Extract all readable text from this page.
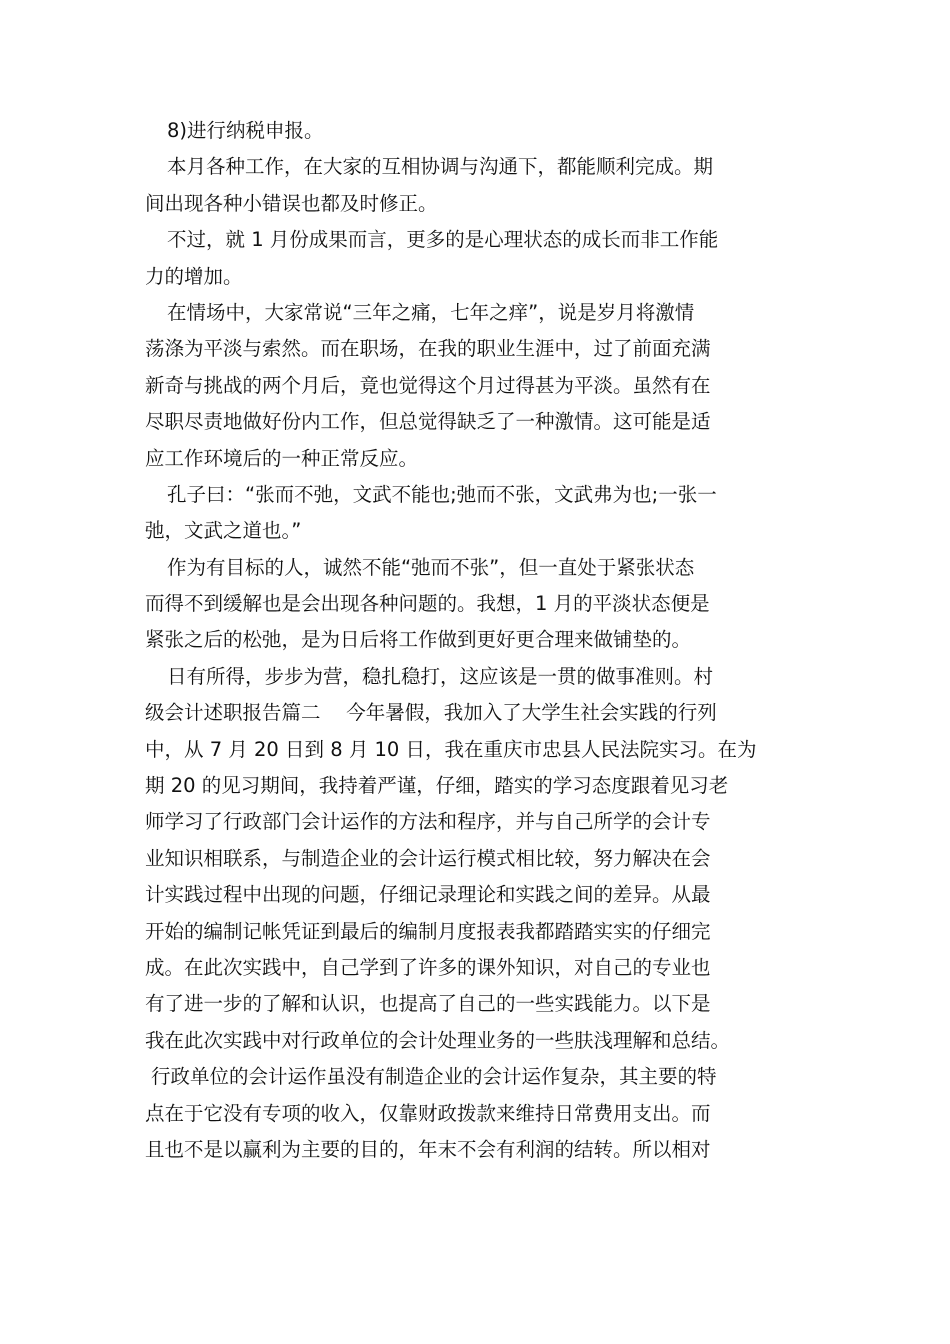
8)进行纳税申报。
本月各种工作，在大家的互相协调与沟通下，都能顺利完成。期
间出现各种小错误也都及时修正。
不过，就 1 月份成果而言，更多的是心理状态的成长而非工作能
力的增加。
在情场中，大家常说“三年之痛，七年之痒”，说是岁月将激情
荡涤为平淡与索然。而在职场，在我的职业生涯中，过了前面充满
新奇与挑战的两个月后，竟也觉得这个月过得甚为平淡。虽然有在
尽职尽责地做好份内工作，但总觉得缺乏了一种激情。这可能是适
应工作环境后的一种正常反应。
孔子曰：“张而不弛，文武不能也;弛而不张，文武弗为也;一张一
弛，文武之道也。”
作为有目标的人，诚然不能“弛而不张”，但一直处于紧张状态
而得不到缓解也是会出现各种问题的。我想，1 月的平淡状态便是
紧张之后的松弛，是为日后将工作做到更好更合理来做铺垫的。
日有所得，步步为营，稳扎稳打，这应该是一贯的做事准则。村
级会计述职报告篇二　 今年暑假，我加入了大学生社会实践的行列
中，从 7 月 20 日到 8 月 10 日，我在重庆市忠县人民法院实习。在为
期 20 的见习期间，我持着严谨，仔细，踏实的学习态度跟着见习老
师学习了行政部门会计运作的方法和程序，并与自己所学的会计专
业知识相联系，与制造企业的会计运行模式相比较，努力解决在会
计实践过程中出现的问题，仔细记录理论和实践之间的差异。从最
开始的编制记帐凭证到最后的编制月度报表我都踏踏实实的仔细完
成。在此次实践中，自己学到了许多的课外知识，对自己的专业也
有了进一步的了解和认识，也提高了自己的一些实践能力。以下是
我在此次实践中对行政单位的会计处理业务的一些肤浅理解和总结。
行政单位的会计运作虽没有制造企业的会计运作复杂，其主要的特
点在于它没有专项的收入，仅靠财政拨款来维持日常费用支出。而
且也不是以赢利为主要的目的，年末不会有利润的结转。所以相对
